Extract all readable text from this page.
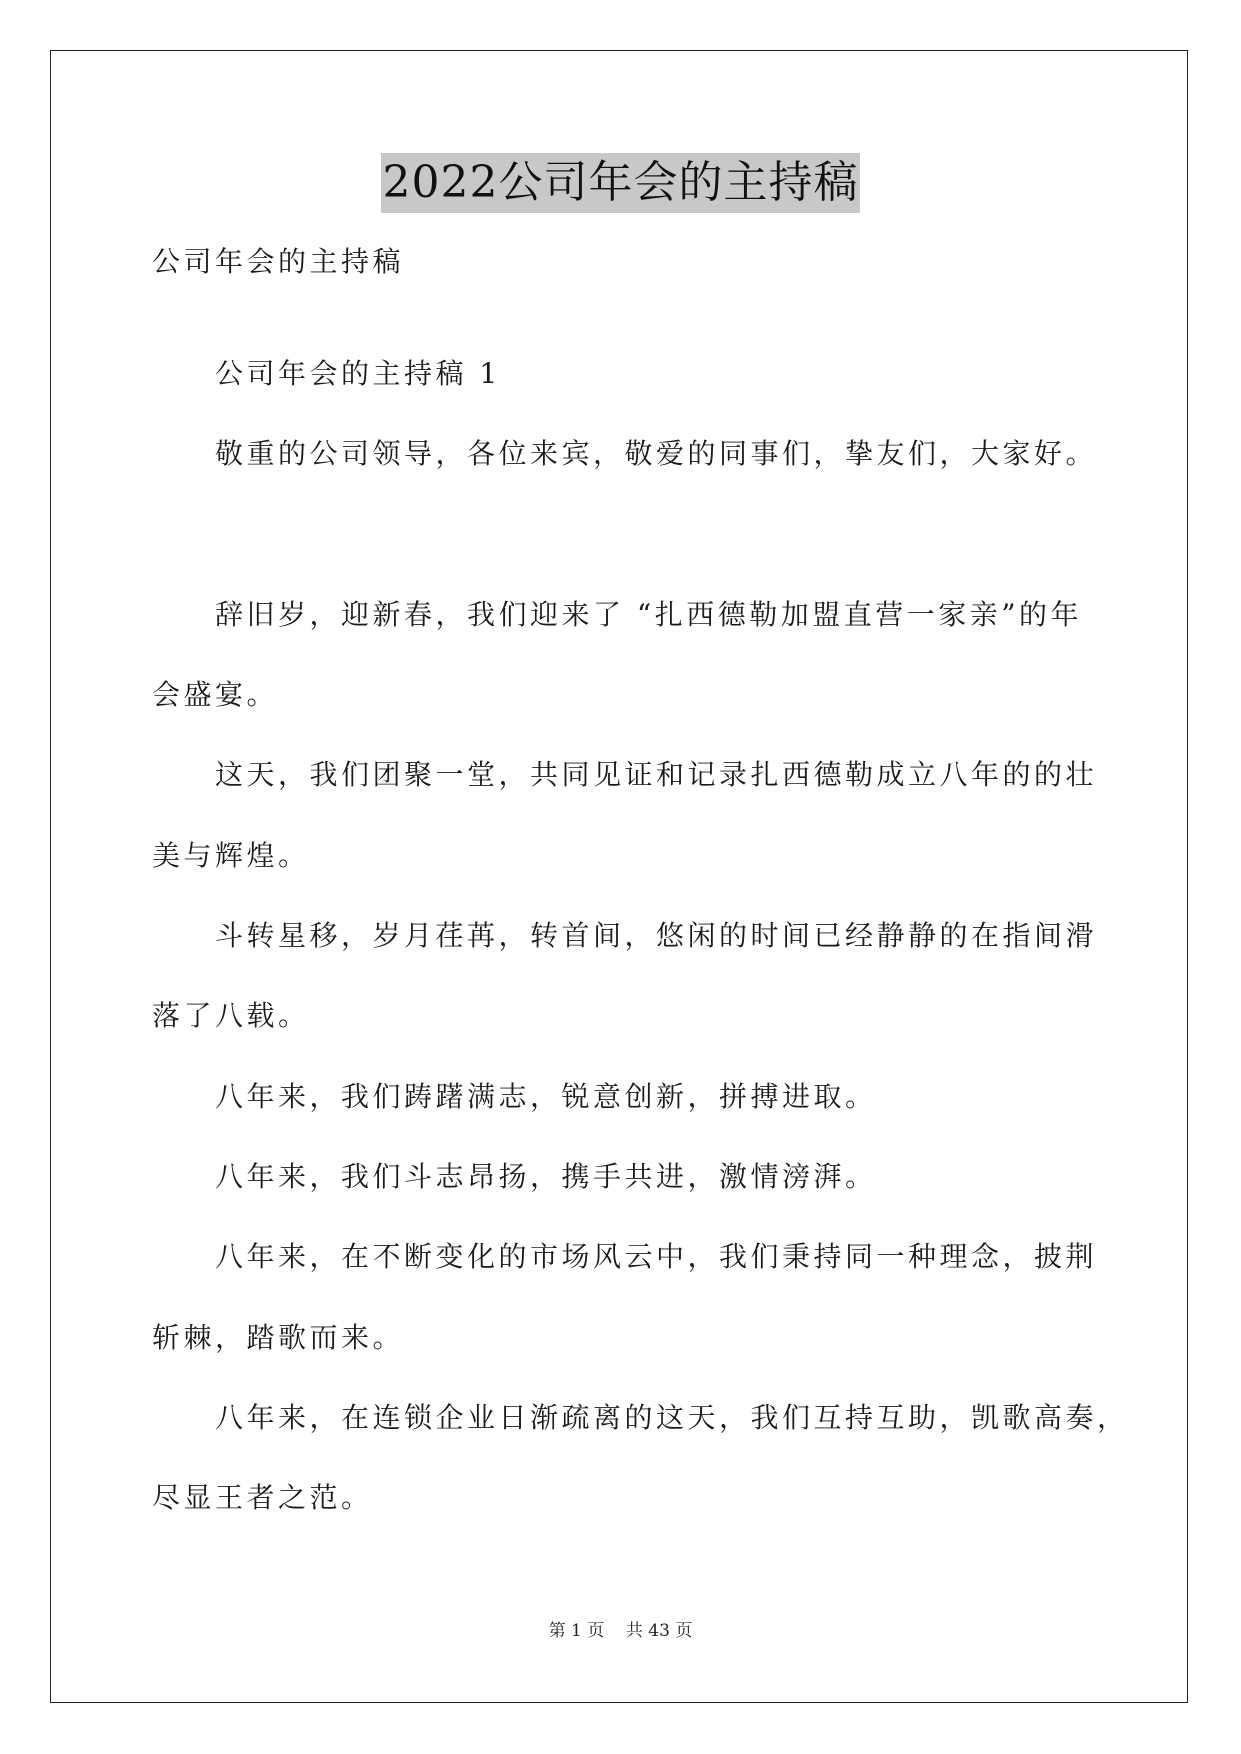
2022公司年会的主持稿
公司年会的主持稿
公司年会的主持稿 1
敬重的公司领导，各位来宾，敬爱的同事们，挚友们，大家好。
辞旧岁，迎新春，我们迎来了 “扎西德勒加盟直营一家亲”的年
会盛宴。
这天，我们团聚一堂，共同见证和记录扎西德勒成立八年的的壮
美与辉煌。
斗转星移，岁月荏苒，转首间，悠闲的时间已经静静的在指间滑
落了八载。
八年来，我们踌躇满志，锐意创新，拼搏进取。
八年来，我们斗志昂扬，携手共进，激情滂湃。
八年来，在不断变化的市场风云中，我们秉持同一种理念，披荆
斩棘，踏歌而来。
八年来，在连锁企业日渐疏离的这天，我们互持互助，凯歌高奏，
尽显王者之范。
第 1 页    共 43 页
